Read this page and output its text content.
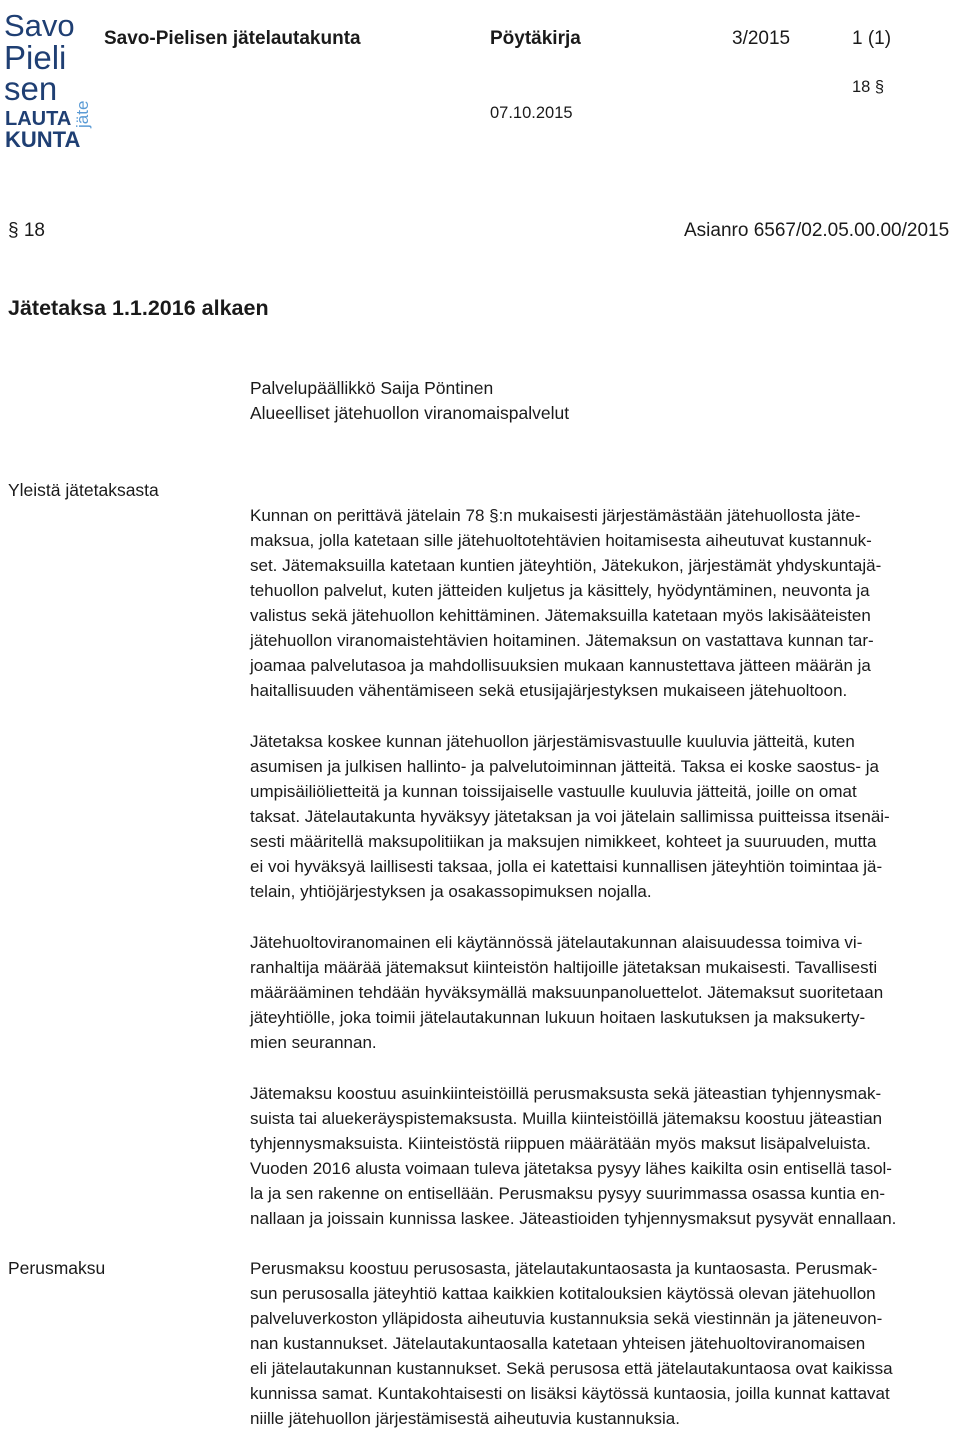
Savo
Pieli
sen
LAUTA
KUNTA
jäte
Savo-Pielisen jätelautakunta	Pöytäkirja	3/2015	1 (1)
18 §
07.10.2015
§ 18	Asianro 6567/02.05.00.00/2015
Jätetaksa 1.1.2016 alkaen
Palvelupäällikkö Saija Pöntinen
Alueelliset jätehuollon viranomaispalvelut
Yleistä jätetaksasta
Perusmaksu
Kunnan on perittävä jätelain 78 §:n mukaisesti järjestämästään jätehuollosta jäte-
maksua, jolla katetaan sille jätehuoltotehtävien hoitamisesta aiheutuvat kustannuk-
set. Jätemaksuilla katetaan kuntien jäteyhtiön, Jätekukon, järjestämät yhdyskuntajä-
tehuollon palvelut, kuten jätteiden kuljetus ja käsittely, hyödyntäminen, neuvonta ja
valistus sekä jätehuollon kehittäminen. Jätemaksuilla katetaan myös lakisääteisten
jätehuollon viranomaistehtävien hoitaminen. Jätemaksun on vastattava kunnan tar-
joamaa palvelutasoa ja mahdollisuuksien mukaan kannustettava jätteen määrän ja
haitallisuuden vähentämiseen sekä etusijajärjestyksen mukaiseen jätehuoltoon.
Jätetaksa koskee kunnan jätehuollon järjestämisvastuulle kuuluvia jätteitä, kuten
asumisen ja julkisen hallinto- ja palvelutoiminnan jätteitä. Taksa ei koske saostus- ja
umpisäiliölietteitä ja kunnan toissijaiselle vastuulle kuuluvia jätteitä, joille on omat
taksat. Jätelautakunta hyväksyy jätetaksan ja voi jätelain sallimissa puitteissa itsenäi-
sesti määritellä maksupolitiikan ja maksujen nimikkeet, kohteet ja suuruuden, mutta
ei voi hyväksyä laillisesti taksaa, jolla ei katettaisi kunnallisen jäteyhtiön toimintaa jä-
telain, yhtiöjärjestyksen ja osakassopimuksen nojalla.
Jätehuoltoviranomainen eli käytännössä jätelautakunnan alaisuudessa toimiva vi-
ranhaltija määrää jätemaksut kiinteistön haltijoille jätetaksan mukaisesti. Tavallisesti
määrääminen tehdään hyväksymällä maksuunpanoluettelot. Jätemaksut suoritetaan
jäteyhtiölle, joka toimii jätelautakunnan lukuun hoitaen laskutuksen ja maksukerty-
mien seurannan.
Jätemaksu koostuu asuinkiinteistöillä perusmaksusta sekä jäteastian tyhjennysmak-
suista tai aluekeräyspistemaksusta. Muilla kiinteistöillä jätemaksu koostuu jäteastian
tyhjennysmaksuista. Kiinteistöstä riippuen määrätään myös maksut lisäpalveluista.
Vuoden 2016 alusta voimaan tuleva jätetaksa pysyy lähes kaikilta osin entisellä tasol-
la ja sen rakenne on entisellään. Perusmaksu pysyy suurimmassa osassa kuntia en-
nallaan ja joissain kunnissa laskee. Jäteastioiden tyhjennysmaksut pysyvät ennallaan.
Perusmaksu koostuu perusosasta, jätelautakuntaosasta ja kuntaosasta. Perusmak-
sun perusosalla jäteyhtiö kattaa kaikkien kotitalouksien käytössä olevan jätehuollon
palveluverkoston ylläpidosta aiheutuvia kustannuksia sekä viestinnän ja jäteneuvon-
nan kustannukset. Jätelautakuntaosalla katetaan yhteisen jätehuoltoviranomaisen
eli jätelautakunnan kustannukset. Sekä perusosa että jätelautakuntaosa ovat kaikissa
kunnissa samat. Kuntakohtaisesti on lisäksi käytössä kuntaosia, joilla kunnat kattavat
niille jätehuollon järjestämisestä aiheutuvia kustannuksia.
